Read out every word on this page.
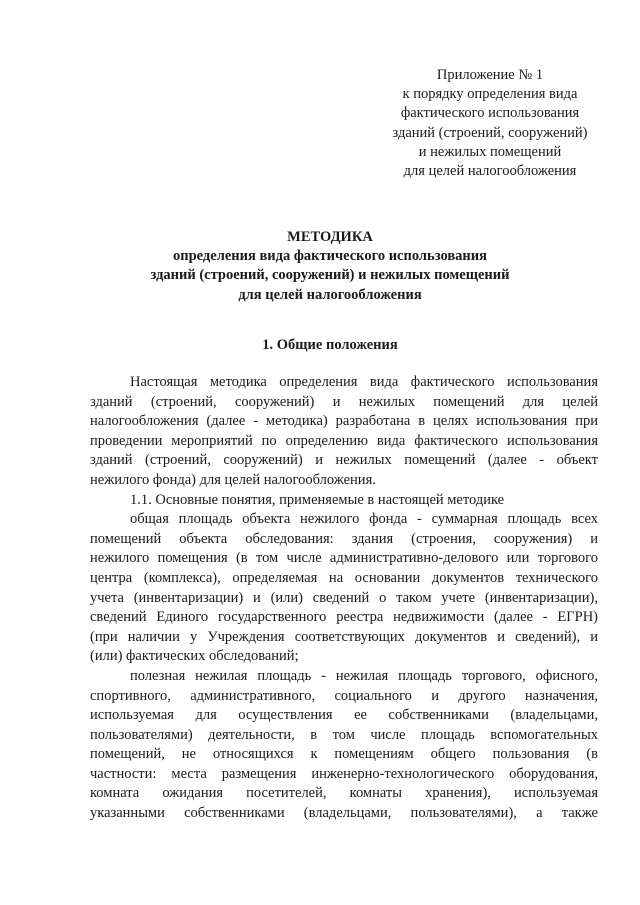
Приложение № 1
к порядку определения вида
фактического использования
зданий (строений, сооружений)
и нежилых помещений
для целей налогообложения
МЕТОДИКА
определения вида фактического использования
зданий (строений, сооружений) и нежилых помещений
для целей налогообложения
1. Общие положения
Настоящая методика определения вида фактического использования
зданий (строений, сооружений) и нежилых помещений для целей
налогообложения (далее - методика) разработана в целях использования при
проведении мероприятий по определению вида фактического использования
зданий (строений, сооружений) и нежилых помещений (далее - объект
нежилого фонда) для целей налогообложения.
1.1. Основные понятия, применяемые в настоящей методике
общая площадь объекта нежилого фонда - суммарная площадь всех
помещений объекта обследования: здания (строения, сооружения) и
нежилого помещения (в том числе административно-делового или торгового
центра (комплекса), определяемая на основании документов технического
учета (инвентаризации) и (или) сведений о таком учете (инвентаризации),
сведений Единого государственного реестра недвижимости (далее - ЕГРН)
(при наличии у Учреждения соответствующих документов и сведений), и
(или) фактических обследований;
полезная нежилая площадь - нежилая площадь торгового, офисного,
спортивного, административного, социального и другого назначения,
используемая для осуществления ее собственниками (владельцами,
пользователями) деятельности, в том числе площадь вспомогательных
помещений, не относящихся к помещениям общего пользования (в
частности: места размещения инженерно-технологического оборудования,
комната ожидания посетителей, комнаты хранения), используемая
указанными собственниками (владельцами, пользователями), а также
